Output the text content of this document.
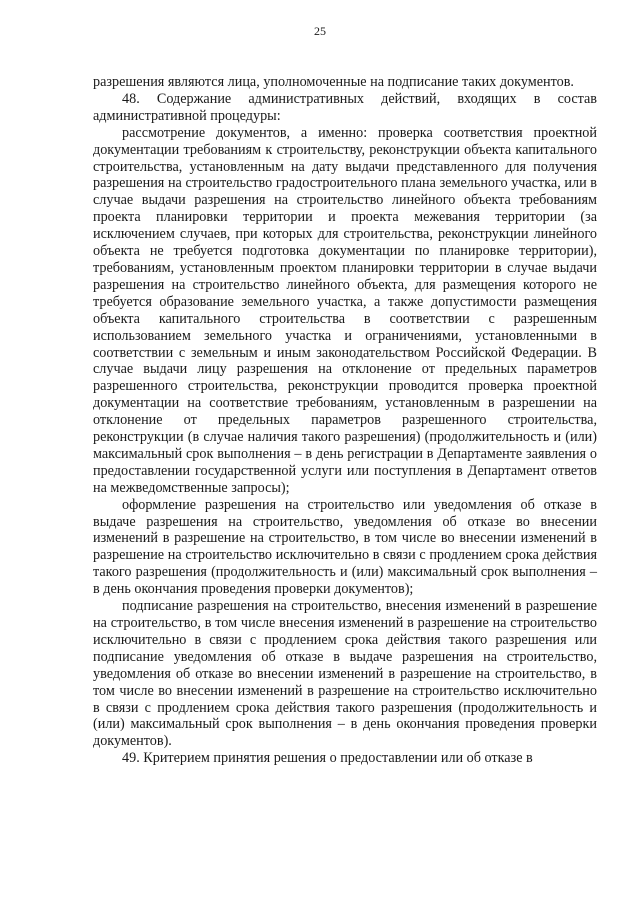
25

разрешения являются лица, уполномоченные на подписание таких документов.

48. Содержание административных действий, входящих в состав административной процедуры:

рассмотрение документов, а именно: проверка соответствия проектной документации требованиям к строительству, реконструкции объекта капитального строительства, установленным на дату выдачи представленного для получения разрешения на строительство градостроительного плана земельного участка, или в случае выдачи разрешения на строительство линейного объекта требованиям проекта планировки территории и проекта межевания территории (за исключением случаев, при которых для строительства, реконструкции линейного объекта не требуется подготовка документации по планировке территории), требованиям, установленным проектом планировки территории в случае выдачи разрешения на строительство линейного объекта, для размещения которого не требуется образование земельного участка, а также допустимости размещения объекта капитального строительства в соответствии с разрешенным использованием земельного участка и ограничениями, установленными в соответствии с земельным и иным законодательством Российской Федерации. В случае выдачи лицу разрешения на отклонение от предельных параметров разрешенного строительства, реконструкции проводится проверка проектной документации на соответствие требованиям, установленным в разрешении на отклонение от предельных параметров разрешенного строительства, реконструкции (в случае наличия такого разрешения) (продолжительность и (или) максимальный срок выполнения – в день регистрации в Департаменте заявления о предоставлении государственной услуги или поступления в Департамент ответов на межведомственные запросы);

оформление разрешения на строительство или уведомления об отказе в выдаче разрешения на строительство, уведомления об отказе во внесении изменений в разрешение на строительство, в том числе во внесении изменений в разрешение на строительство исключительно в связи с продлением срока действия такого разрешения (продолжительность и (или) максимальный срок выполнения – в день окончания проведения проверки документов);

подписание разрешения на строительство, внесения изменений в разрешение на строительство, в том числе внесения изменений в разрешение на строительство исключительно в связи с продлением срока действия такого разрешения или подписание уведомления об отказе в выдаче разрешения на строительство, уведомления об отказе во внесении изменений в разрешение на строительство, в том числе во внесении изменений в разрешение на строительство исключительно в связи с продлением срока действия такого разрешения (продолжительность и (или) максимальный срок выполнения – в день окончания проведения проверки документов).

49. Критерием принятия решения о предоставлении или об отказе в
